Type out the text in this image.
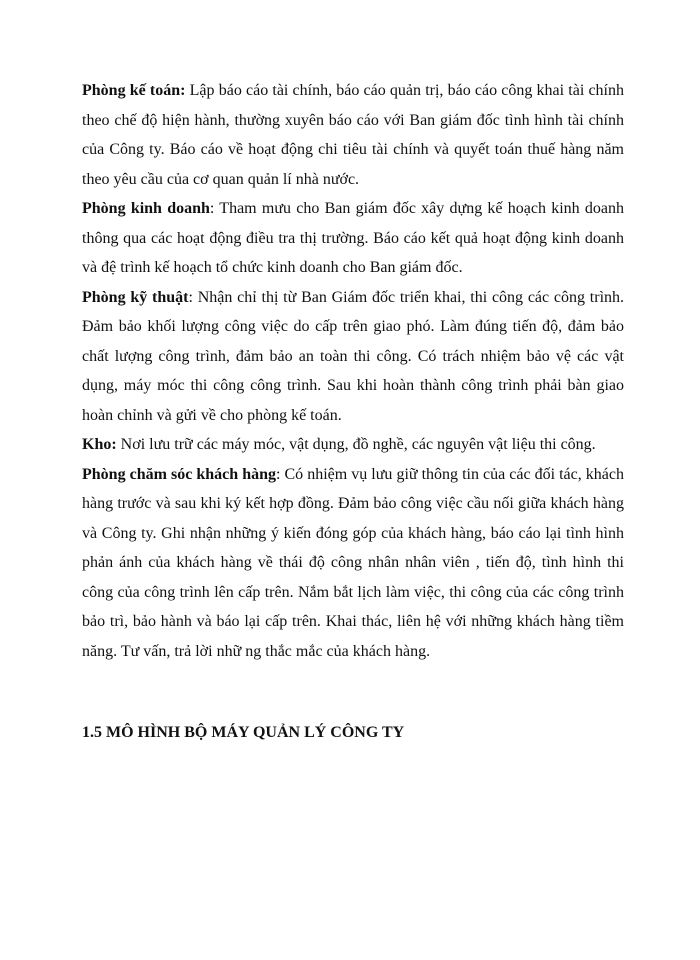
Phòng kế toán: Lập báo cáo tài chính, báo cáo quản trị, báo cáo công khai tài chính theo chế độ hiện hành, thường xuyên báo cáo với Ban giám đốc tình hình tài chính của Công ty. Báo cáo về hoạt động chi tiêu tài chính và quyết toán thuế hàng năm theo yêu cầu của cơ quan quản lí nhà nước.

Phòng kinh doanh: Tham mưu cho Ban giám đốc xây dựng kế hoạch kinh doanh thông qua các hoạt động điều tra thị trường. Báo cáo kết quả hoạt động kinh doanh và đệ trình kế hoạch tổ chức kinh doanh cho Ban giám đốc.

Phòng kỹ thuật: Nhận chỉ thị từ Ban Giám đốc triển khai, thi công các công trình. Đảm bảo khối lượng công việc do cấp trên giao phó. Làm đúng tiến độ, đảm bảo chất lượng công trình, đảm bảo an toàn thi công. Có trách nhiệm bảo vệ các vật dụng, máy móc thi công công trình. Sau khi hoàn thành công trình phải bàn giao hoàn chỉnh và gửi về cho phòng kế toán.

Kho: Nơi lưu trữ các máy móc, vật dụng, đồ nghề, các nguyên vật liệu thi công.

Phòng chăm sóc khách hàng: Có nhiệm vụ lưu giữ thông tin của các đối tác, khách hàng trước và sau khi ký kết hợp đồng. Đảm bảo công việc cầu nối giữa khách hàng và Công ty. Ghi nhận những ý kiến đóng góp của khách hàng, báo cáo lại tình hình phản ánh của khách hàng về thái độ công nhân nhân viên , tiến độ, tình hình thi công của công trình lên cấp trên. Nắm bắt lịch làm việc, thi công của các công trình bảo trì, bảo hành và báo lại cấp trên. Khai thác, liên hệ với những khách hàng tiềm năng. Tư vấn, trả lời nhữ ng thắc mắc của khách hàng.

1.5 MÔ HÌNH BỘ MÁY QUẢN LÝ CÔNG TY
